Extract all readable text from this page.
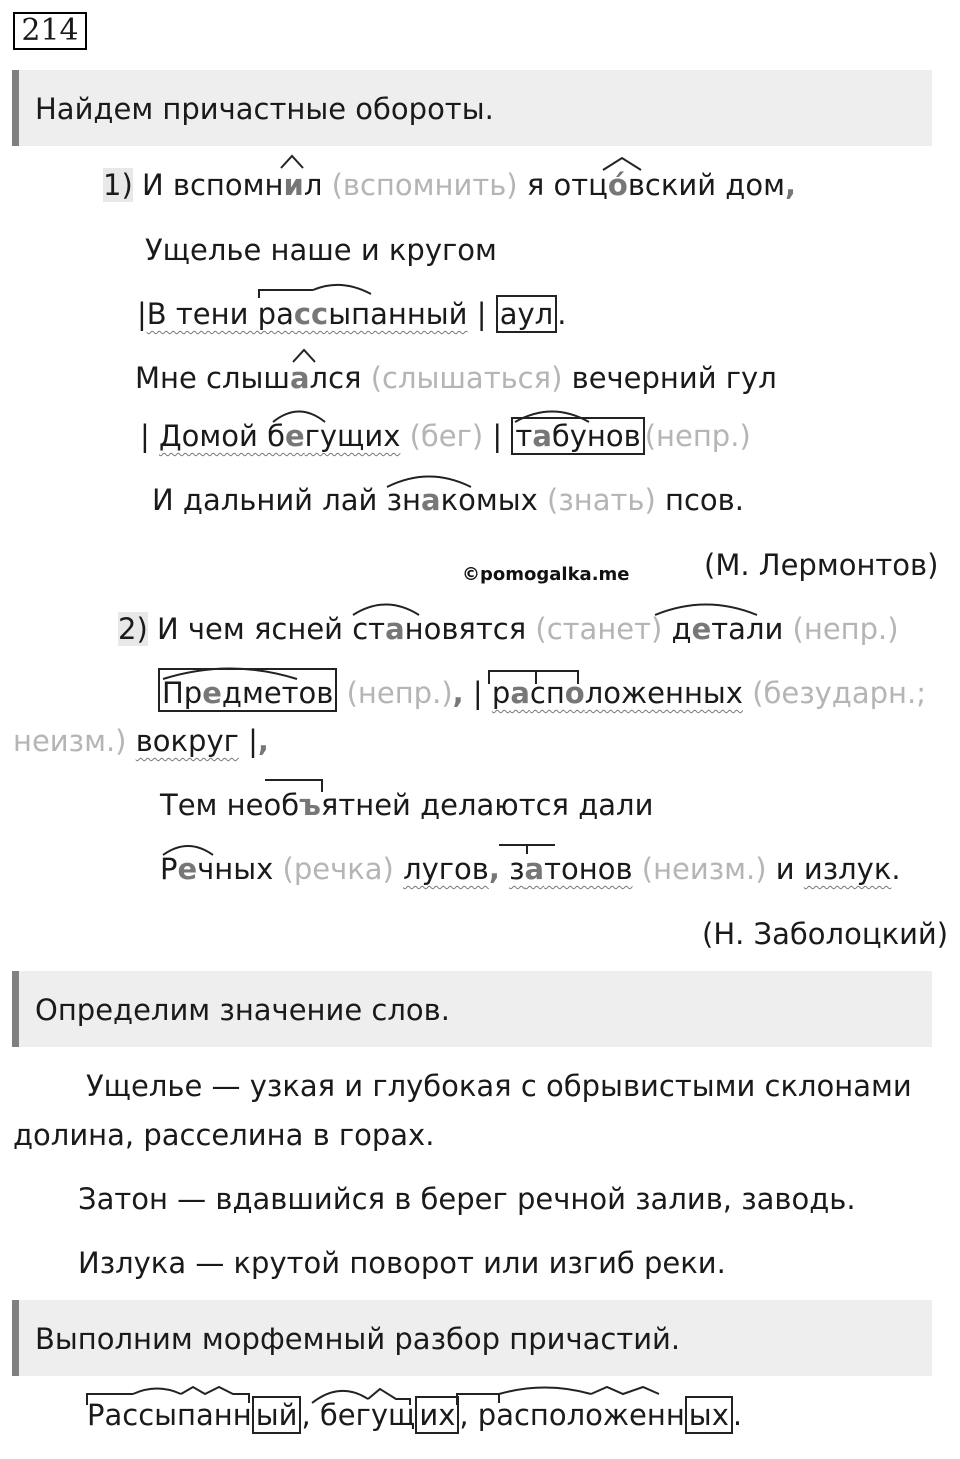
214
Найдем причастные обороты.
1) И вспомнил (вспомнить) я отцóвский дом,
Ущелье наше и кругом
|В тени рассыпанный | аул .
Мне слышался (слышаться) вечерний гул
| Домой бегущих (бег) | табунов (непр.)
И дальний лай знакомых (знать) псов.
(М. Лермонтов)
©pomogalka.me
2) И чем ясней становятся (станет) детали (непр.)
Предметов (непр.), | расположенных (безударн.;
неизм.) вокруг |,
Тем необъятней делаются дали
Речных (речка) лугов, затонов (неизм.) и излук.
(Н. Заболоцкий)
Определим значение слов.
Ущелье — узкая и глубокая с обрывистыми склонами
долина, расселина в горах.
Затон — вдавшийся в берег речной залив, заводь.
Излука — крутой поворот или изгиб реки.
Выполним морфемный разбор причастий.
Рассыпанн ый , бегущ их , расположенн ых .
